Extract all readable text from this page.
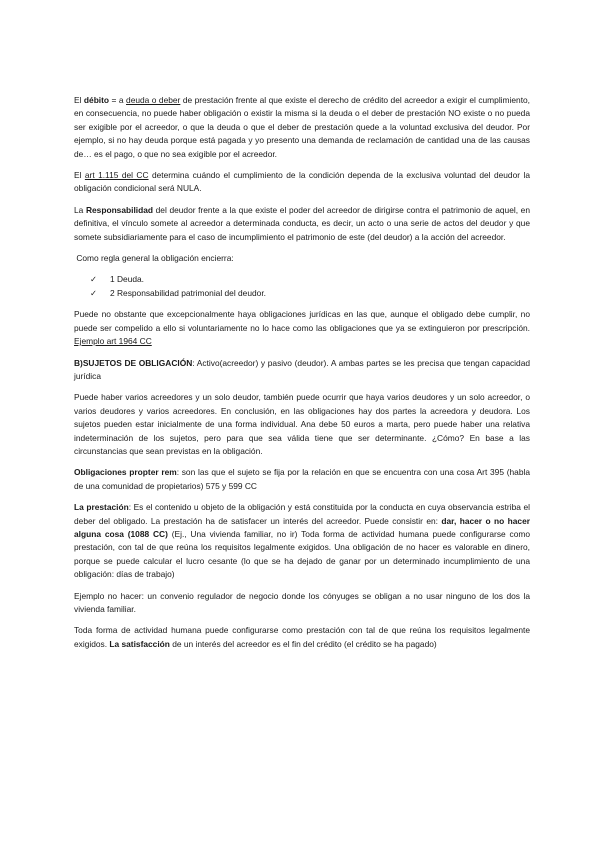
El débito = a deuda o deber de prestación frente al que existe el derecho de crédito del acreedor a exigir el cumplimiento, en consecuencia, no puede haber obligación o existir la misma si la deuda o el deber de prestación NO existe o no pueda ser exigible por el acreedor, o que la deuda o que el deber de prestación quede a la voluntad exclusiva del deudor. Por ejemplo, si no hay deuda porque está pagada y yo presento una demanda de reclamación de cantidad una de las causas de… es el pago, o que no sea exigible por el acreedor.

El art 1.115 del CC determina cuándo el cumplimiento de la condición dependa de la exclusiva voluntad del deudor la obligación condicional será NULA.

La Responsabilidad del deudor frente a la que existe el poder del acreedor de dirigirse contra el patrimonio de aquel, en definitiva, el vínculo somete al acreedor a determinada conducta, es decir, un acto o una serie de actos del deudor y que somete subsidiariamente para el caso de incumplimiento el patrimonio de este (del deudor) a la acción del acreedor.

Como regla general la obligación encierra:

✓ 1 Deuda.
✓ 2 Responsabilidad patrimonial del deudor.

Puede no obstante que excepcionalmente haya obligaciones jurídicas en las que, aunque el obligado debe cumplir, no puede ser compelido a ello si voluntariamente no lo hace como las obligaciones que ya se extinguieron por prescripción. Ejemplo art 1964 CC

B)SUJETOS DE OBLIGACIÓN: Activo(acreedor) y pasivo (deudor). A ambas partes se les precisa que tengan capacidad jurídica

Puede haber varios acreedores y un solo deudor, también puede ocurrir que haya varios deudores y un solo acreedor, o varios deudores y varios acreedores. En conclusión, en las obligaciones hay dos partes la acreedora y deudora. Los sujetos pueden estar inicialmente de una forma individual. Ana debe 50 euros a marta, pero puede haber una relativa indeterminación de los sujetos, pero para que sea válida tiene que ser determinante. ¿Cómo? En base a las circunstancias que sean previstas en la obligación.

Obligaciones propter rem: son las que el sujeto se fija por la relación en que se encuentra con una cosa Art 395 (habla de una comunidad de propietarios) 575 y 599 CC

La prestación: Es el contenido u objeto de la obligación y está constituida por la conducta en cuya observancia estriba el deber del obligado. La prestación ha de satisfacer un interés del acreedor. Puede consistir en: dar, hacer o no hacer alguna cosa (1088 CC) (Ej., Una vivienda familiar, no ir) Toda forma de actividad humana puede configurarse como prestación, con tal de que reúna los requisitos legalmente exigidos. Una obligación de no hacer es valorable en dinero, porque se puede calcular el lucro cesante (lo que se ha dejado de ganar por un determinado incumplimiento de una obligación: días de trabajo)

Ejemplo no hacer: un convenio regulador de negocio donde los cónyuges se obligan a no usar ninguno de los dos la vivienda familiar.

Toda forma de actividad humana puede configurarse como prestación con tal de que reúna los requisitos legalmente exigidos. La satisfacción de un interés del acreedor es el fin del crédito (el crédito se ha pagado)
